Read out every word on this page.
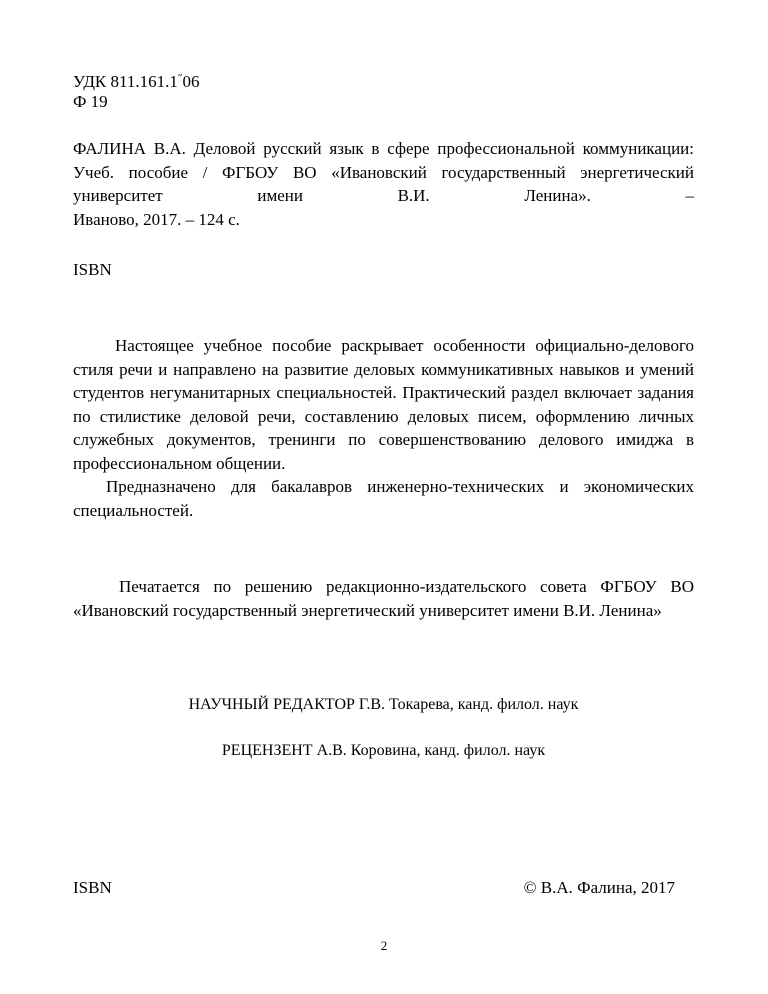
УДК 811.161.1″06
Ф 19
ФАЛИНА В.А. Деловой русский язык в сфере профессиональной коммуникации: Учеб. пособие / ФГБОУ ВО «Ивановский государственный энергетический университет имени В.И. Ленина». –
Иваново, 2017. – 124 с.
ISBN

Настоящее учебное пособие раскрывает особенности официально-делового стиля речи и направлено на развитие деловых коммуникативных навыков и умений студентов негуманитарных специальностей. Практический раздел включает задания по стилистике деловой речи, составлению деловых писем, оформлению личных служебных документов, тренинги по совершенствованию делового имиджа в профессиональном общении.

Предназначено для бакалавров инженерно-технических и экономических специальностей.

Печатается по решению редакционно-издательского совета ФГБОУ ВО «Ивановский государственный энергетический университет имени В.И. Ленина»

НАУЧНЫЙ РЕДАКТОР Г.В. Токарева, канд. филол. наук
РЕЦЕНЗЕНТ А.В. Коровина, канд. филол. наук
ISBN	© В.А. Фалина, 2017
2
